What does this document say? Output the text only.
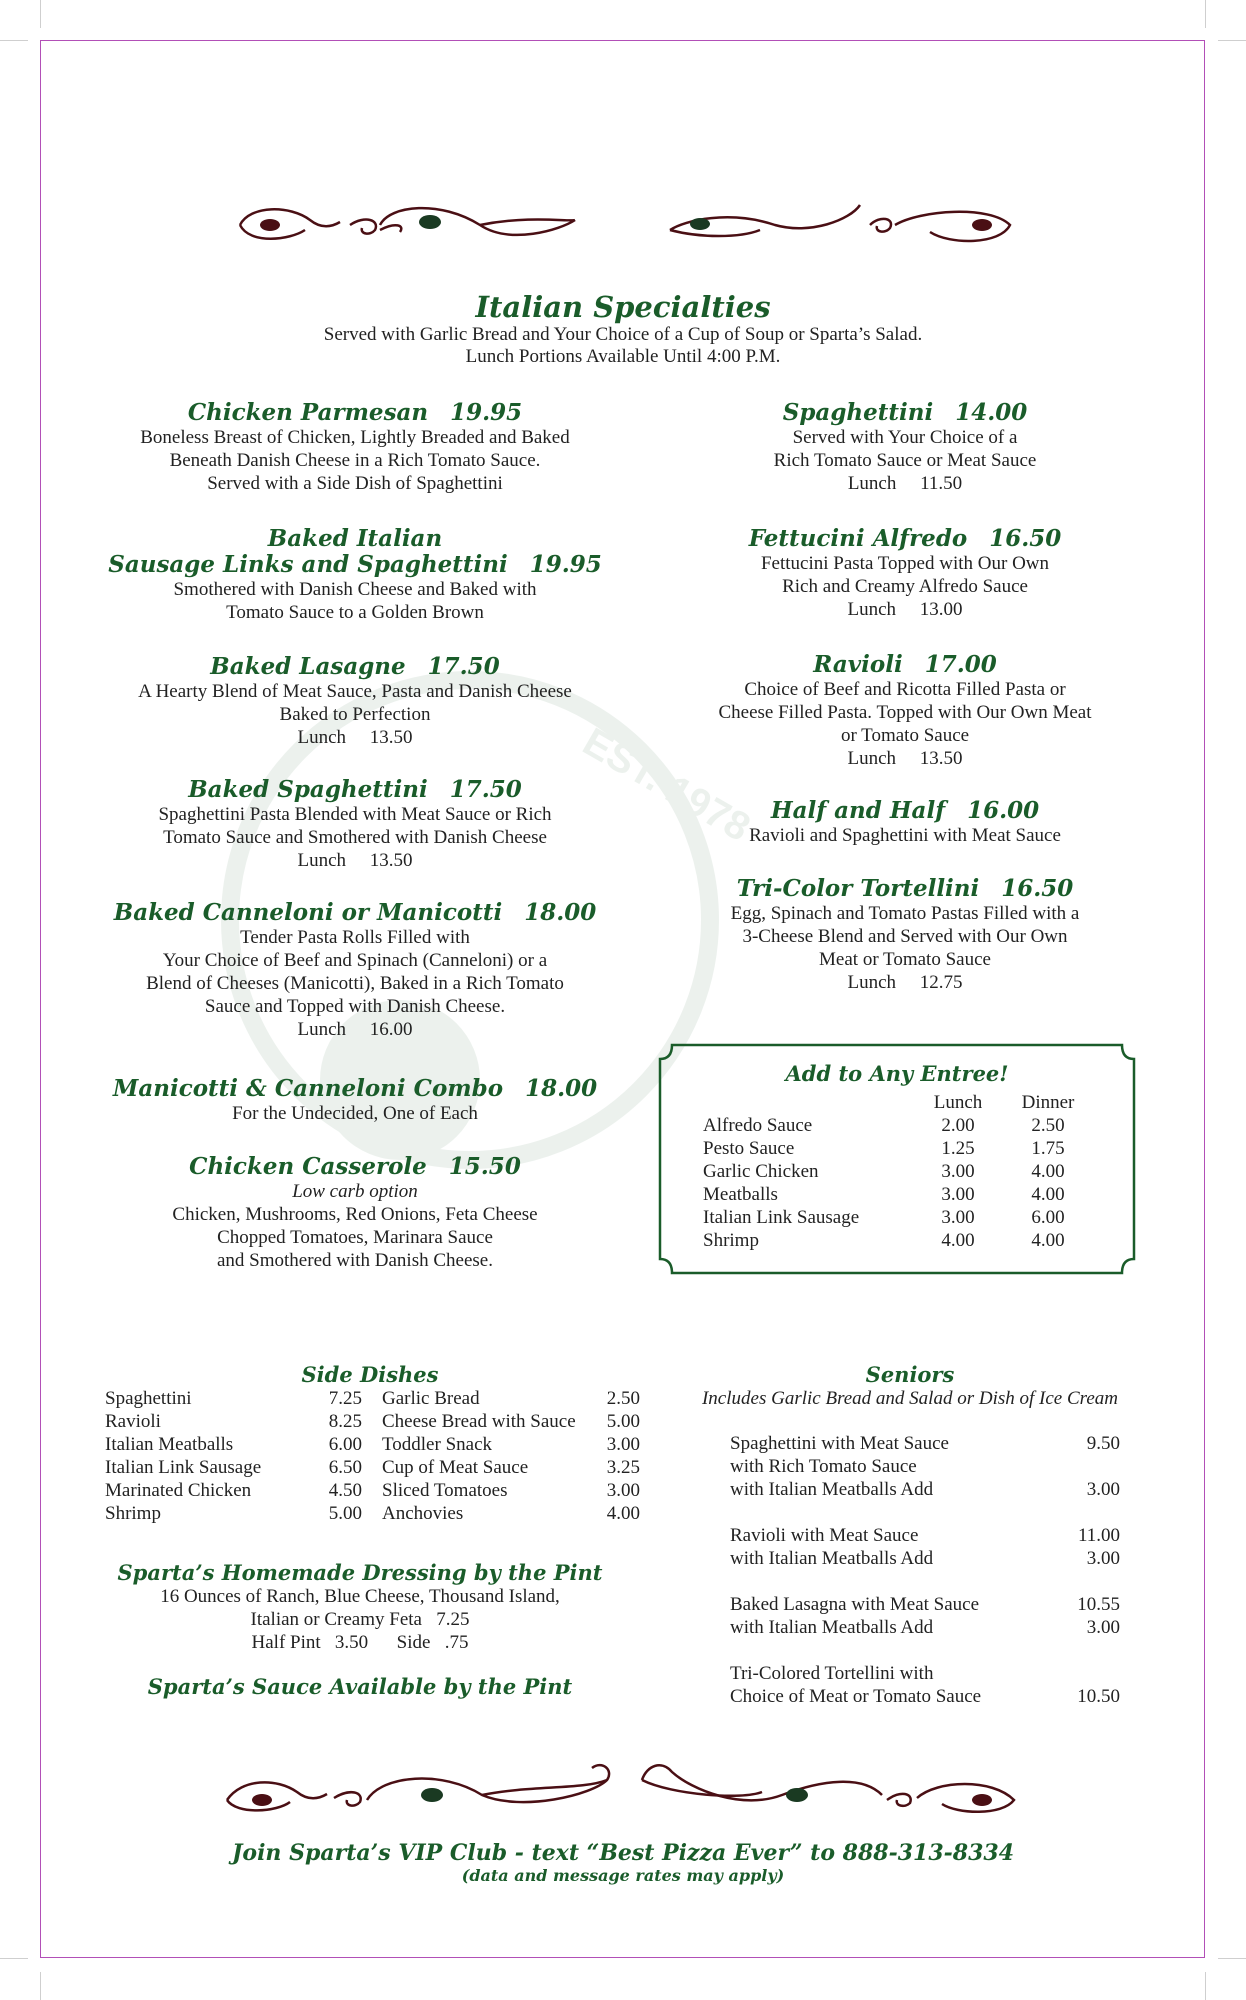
EST. 1978
Italian Specialties
Served with Garlic Bread and Your Choice of a Cup of Soup or Sparta’s Salad.
Lunch Portions Available Until 4:00 P.M.
Chicken Parmesan 19.95
Boneless Breast of Chicken, Lightly Breaded and Baked
Beneath Danish Cheese in a Rich Tomato Sauce.
Served with a Side Dish of Spaghettini
Baked Italian
Sausage Links and Spaghettini 19.95
Smothered with Danish Cheese and Baked with
Tomato Sauce to a Golden Brown
Baked Lasagne 17.50
A Hearty Blend of Meat Sauce, Pasta and Danish Cheese
Baked to Perfection
Lunch     13.50
Baked Spaghettini 17.50
Spaghettini Pasta Blended with Meat Sauce or Rich
Tomato Sauce and Smothered with Danish Cheese
Lunch     13.50
Baked Canneloni or Manicotti 18.00
Tender Pasta Rolls Filled with
Your Choice of Beef and Spinach (Canneloni) or a
Blend of Cheeses (Manicotti), Baked in a Rich Tomato
Sauce and Topped with Danish Cheese.
Lunch     16.00
Manicotti & Canneloni Combo 18.00
For the Undecided, One of Each
Chicken Casserole 15.50
Low carb option
Chicken, Mushrooms, Red Onions, Feta Cheese
Chopped Tomatoes, Marinara Sauce
and Smothered with Danish Cheese.
Spaghettini 14.00
Served with Your Choice of a
Rich Tomato Sauce or Meat Sauce
Lunch     11.50
Fettucini Alfredo 16.50
Fettucini Pasta Topped with Our Own
Rich and Creamy Alfredo Sauce
Lunch     13.00
Ravioli 17.00
Choice of Beef and Ricotta Filled Pasta or
Cheese Filled Pasta. Topped with Our Own Meat
or Tomato Sauce
Lunch     13.50
Half and Half 16.00
Ravioli and Spaghettini with Meat Sauce
Tri-Color Tortellini 16.50
Egg, Spinach and Tomato Pastas Filled with a
3-Cheese Blend and Served with Our Own
Meat or Tomato Sauce
Lunch     12.75
Add to Any Entree!
	Lunch	Dinner
Alfredo Sauce	2.00	2.50
Pesto Sauce	1.25	1.75
Garlic Chicken	3.00	4.00
Meatballs	3.00	4.00
Italian Link Sausage	3.00	6.00
Shrimp	4.00	4.00
Side Dishes
Spaghettini	7.25	Garlic Bread	2.50
Ravioli	8.25	Cheese Bread with Sauce	5.00
Italian Meatballs	6.00	Toddler Snack	3.00
Italian Link Sausage	6.50	Cup of Meat Sauce	3.25
Marinated Chicken	4.50	Sliced Tomatoes	3.00
Shrimp	5.00	Anchovies	4.00
Sparta’s Homemade Dressing by the Pint
16 Ounces of Ranch, Blue Cheese, Thousand Island,
Italian or Creamy Feta   7.25
Half Pint   3.50      Side   .75
Sparta’s Sauce Available by the Pint
Seniors
Includes Garlic Bread and Salad or Dish of Ice Cream
Spaghettini with Meat Sauce	9.50
with Rich Tomato Sauce	
with Italian Meatballs Add	3.00

Ravioli with Meat Sauce	11.00
with Italian Meatballs Add	3.00

Baked Lasagna with Meat Sauce	10.55
with Italian Meatballs Add	3.00

Tri-Colored Tortellini with	
Choice of Meat or Tomato Sauce	10.50
Join Sparta’s VIP Club - text “Best Pizza Ever” to 888-313-8334
(data and message rates may apply)
